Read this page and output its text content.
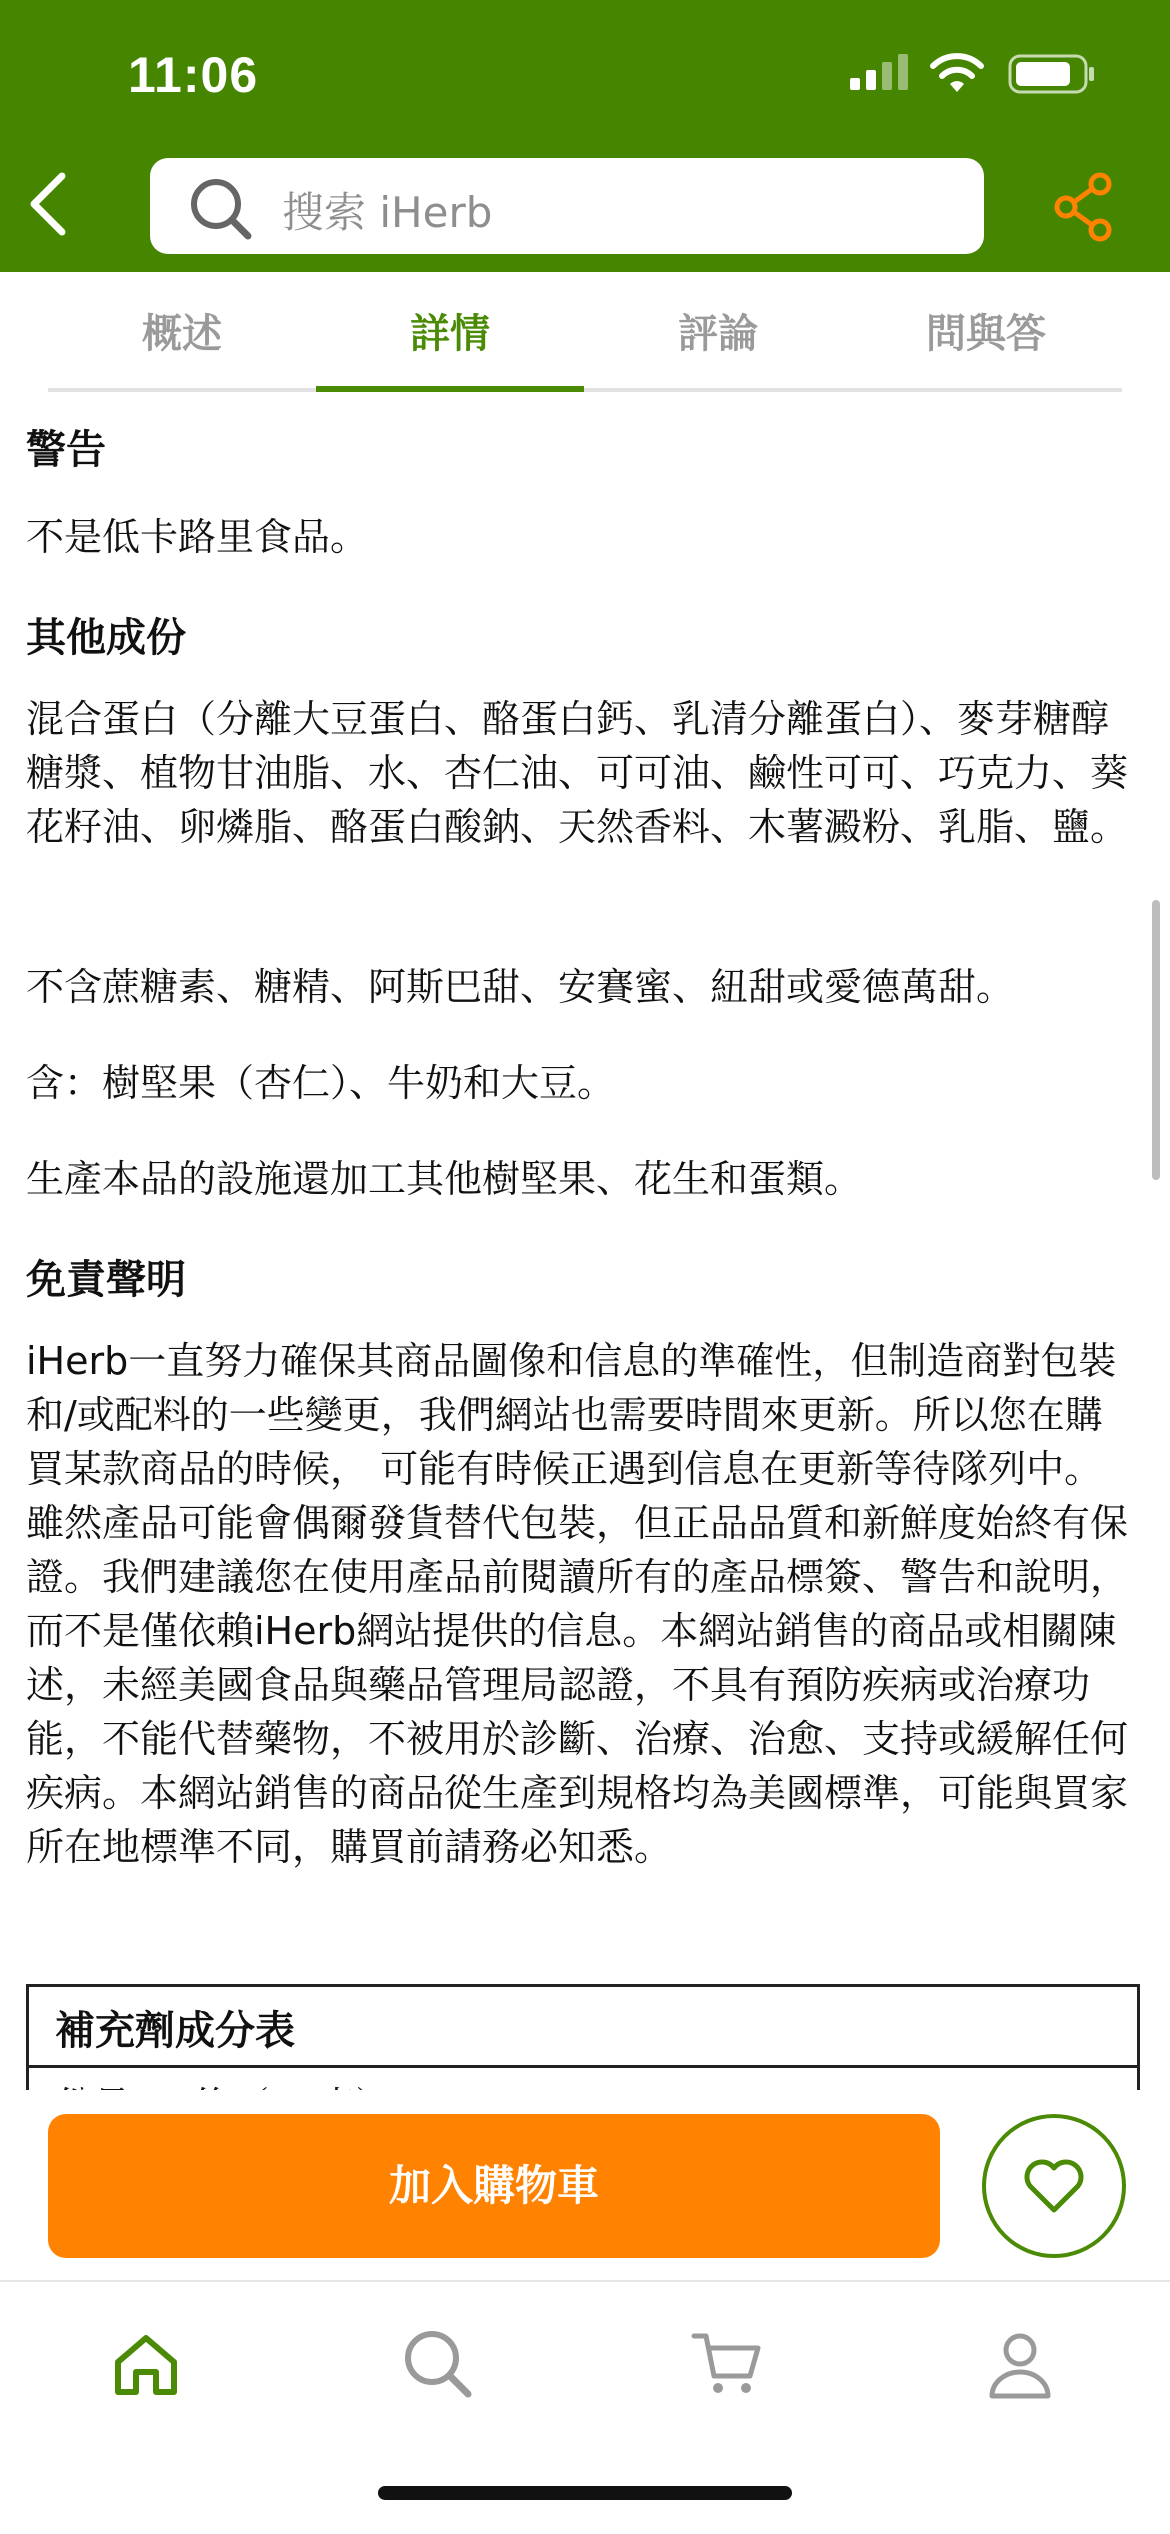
11:06
搜索 iHerb
概述	詳情	評論	問與答
警告
不是低卡路里食品。
其他成份
混合蛋白（分離大豆蛋白、酪蛋白鈣、乳清分離蛋白）、麥芽糖醇糖漿、植物甘油脂、水、杏仁油、可可油、鹼性可可、巧克力、葵花籽油、卵燐脂、酪蛋白酸鈉、天然香料、木薯澱粉、乳脂、鹽。
不含蔗糖素、糖精、阿斯巴甜、安賽蜜、紐甜或愛德萬甜。
含：樹堅果（杏仁）、牛奶和大豆。
生產本品的設施還加工其他樹堅果、花生和蛋類。
免責聲明
iHerb一直努力確保其商品圖像和信息的準確性，但制造商對包裝和/或配料的一些變更，我們網站也需要時間來更新。所以您在購買某款商品的時候， 可能有時候正遇到信息在更新等待隊列中。雖然產品可能會偶爾發貨替代包裝，但正品品質和新鮮度始終有保證。我們建議您在使用產品前閱讀所有的產品標簽、警告和說明，而不是僅依賴iHerb網站提供的信息。本網站銷售的商品或相關陳述，未經美國食品與藥品管理局認證，不具有預防疾病或治療功能，不能代替藥物，不被用於診斷、治療、治愈、支持或緩解任何疾病。本網站銷售的商品從生產到規格均為美國標準，可能與買家所在地標準不同，購買前請務必知悉。
補充劑成分表
加入購物車
